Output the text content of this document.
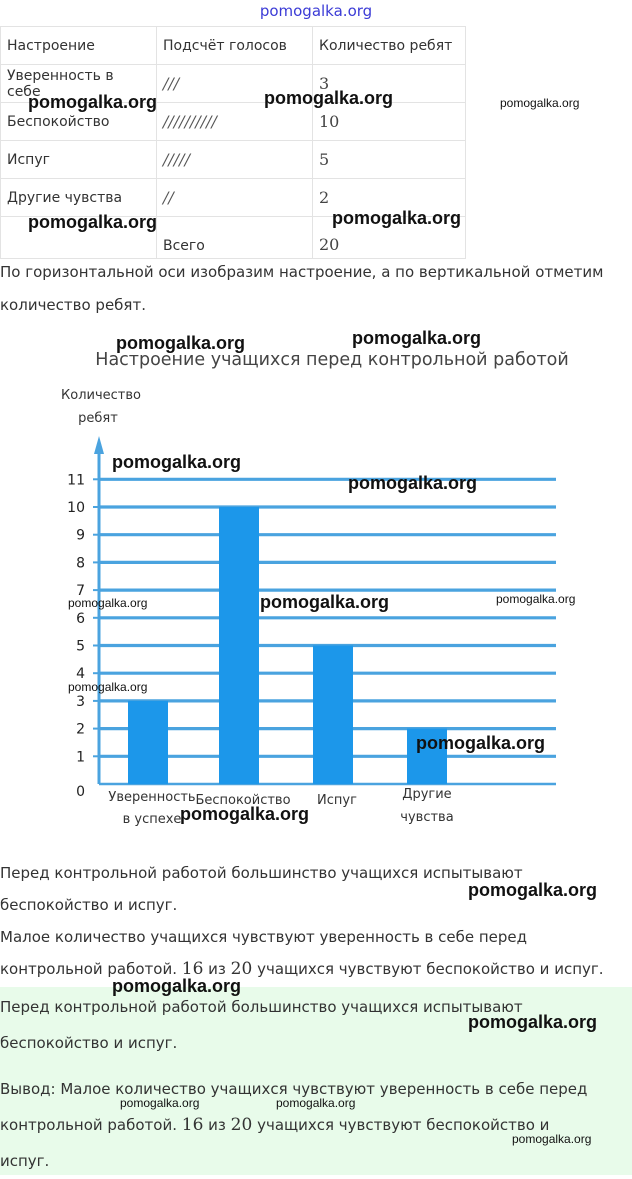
pomogalka.org
Настроение	Подсчёт голосов	Количество ребят
Уверенность в себе	///	3
Беспокойство	//////////	10
Испуг	/////	5
Другие чувства	//	2
	Всего	20
По горизонтальной оси изобразим настроение, а по вертикальной отметим
количество ребят.
Настроение учащихся перед контрольной работой
Количество
ребят
0
1
2
3
4
5
6
7
8
9
10
11
Уверенность
в успехе
Беспокойство Испуг	Другие
чувства
Перед контрольной работой большинство учащихся испытывают
беспокойство и испуг.
Малое количество учащихся чувствуют уверенность в себе перед
контрольной работой. 16 из 20 учащихся чувствуют беспокойство и испуг.
Перед контрольной работой большинство учащихся испытывают
беспокойство и испуг.
Вывод: Малое количество учащихся чувствуют уверенность в себе перед
контрольной работой. 16 из 20 учащихся чувствуют беспокойство и
испуг.
pomogalka.org	pomogalka.org	pomogalka.org
pomogalka.org	pomogalka.org
pomogalka.org	pomogalka.org
pomogalka.org
pomogalka.org
pomogalka.org	pomogalka.org	pomogalka.org
pomogalka.org
pomogalka.org
pomogalka.org
pomogalka.org
pomogalka.org
pomogalka.org
pomogalka.org	pomogalka.org
pomogalka.org
